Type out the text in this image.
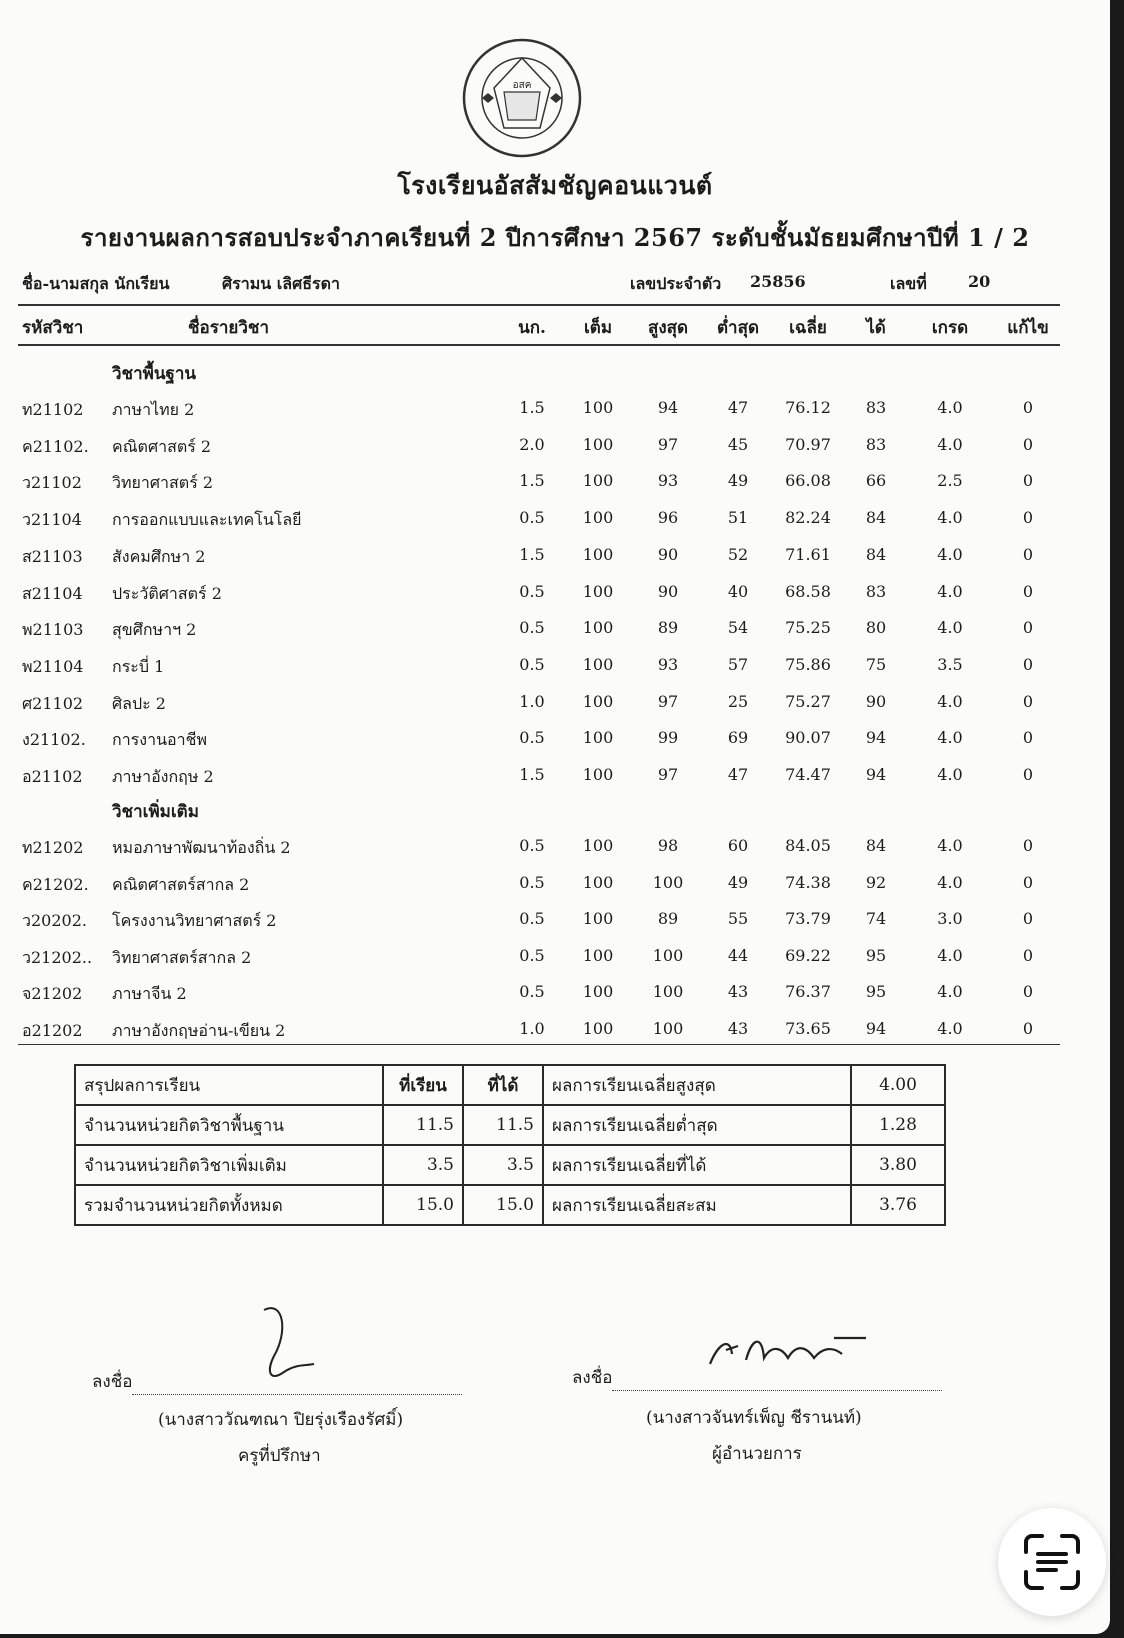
อสค
โรงเรียนอัสสัมชัญคอนแวนต์
รายงานผลการสอบประจำภาคเรียนที่ 2 ปีการศึกษา 2567 ระดับชั้นมัธยมศึกษาปีที่ 1 / 2
ชื่อ-นามสกุล นักเรียน	ศิรามน เลิศธีรดา	เลขประจำตัว 25856	เลขที่	20
รหัสวิชา	ชื่อรายวิชา	นก.	เต็ม	สูงสุด	ต่ำสุด	เฉลี่ย	ได้	เกรด	แก้ไข
วิชาพื้นฐาน
ท21102 ภาษาไทย 2	1.5	100	94	47	76.12	83	4.0	0
ค21102. คณิตศาสตร์ 2	2.0	100	97	45	70.97	83	4.0	0
ว21102 วิทยาศาสตร์ 2	1.5	100	93	49	66.08	66	2.5	0
ว21104 การออกแบบและเทคโนโลยี	0.5	100	96	51	82.24	84	4.0	0
ส21103 สังคมศึกษา 2	1.5	100	90	52	71.61	84	4.0	0
ส21104 ประวัติศาสตร์ 2	0.5	100	90	40	68.58	83	4.0	0
พ21103 สุขศึกษาฯ 2	0.5	100	89	54	75.25	80	4.0	0
พ21104 กระบี่ 1	0.5	100	93	57	75.86	75	3.5	0
ศ21102 ศิลปะ 2	1.0	100	97	25	75.27	90	4.0	0
ง21102. การงานอาชีพ	0.5	100	99	69	90.07	94	4.0	0
อ21102 ภาษาอังกฤษ 2	1.5	100	97	47	74.47	94	4.0	0
วิชาเพิ่มเติม
ท21202 หมอภาษาพัฒนาท้องถิ่น 2	0.5	100	98	60	84.05	84	4.0	0
ค21202. คณิตศาสตร์สากล 2	0.5	100	100	49	74.38	92	4.0	0
ว20202. โครงงานวิทยาศาสตร์ 2	0.5	100	89	55	73.79	74	3.0	0
ว21202.. วิทยาศาสตร์สากล 2	0.5	100	100	44	69.22	95	4.0	0
จ21202 ภาษาจีน 2	0.5	100	100	43	76.37	95	4.0	0
อ21202 ภาษาอังกฤษอ่าน-เขียน 2	1.0	100	100	43	73.65	94	4.0	0
สรุปผลการเรียน	ที่เรียน	ที่ได้	ผลการเรียนเฉลี่ยสูงสุด	4.00
จำนวนหน่วยกิตวิชาพื้นฐาน	11.5	11.5	ผลการเรียนเฉลี่ยต่ำสุด	1.28
จำนวนหน่วยกิตวิชาเพิ่มเติม	3.5	3.5	ผลการเรียนเฉลี่ยที่ได้	3.80
รวมจำนวนหน่วยกิตทั้งหมด	15.0	15.0	ผลการเรียนเฉลี่ยสะสม	3.76
ลงชื่อ
(นางสาววัณฑณา ปิยรุ่งเรืองรัศมิ์)
ครูที่ปรึกษา
ลงชื่อ
(นางสาวจันทร์เพ็ญ ชีรานนท์)
ผู้อำนวยการ
